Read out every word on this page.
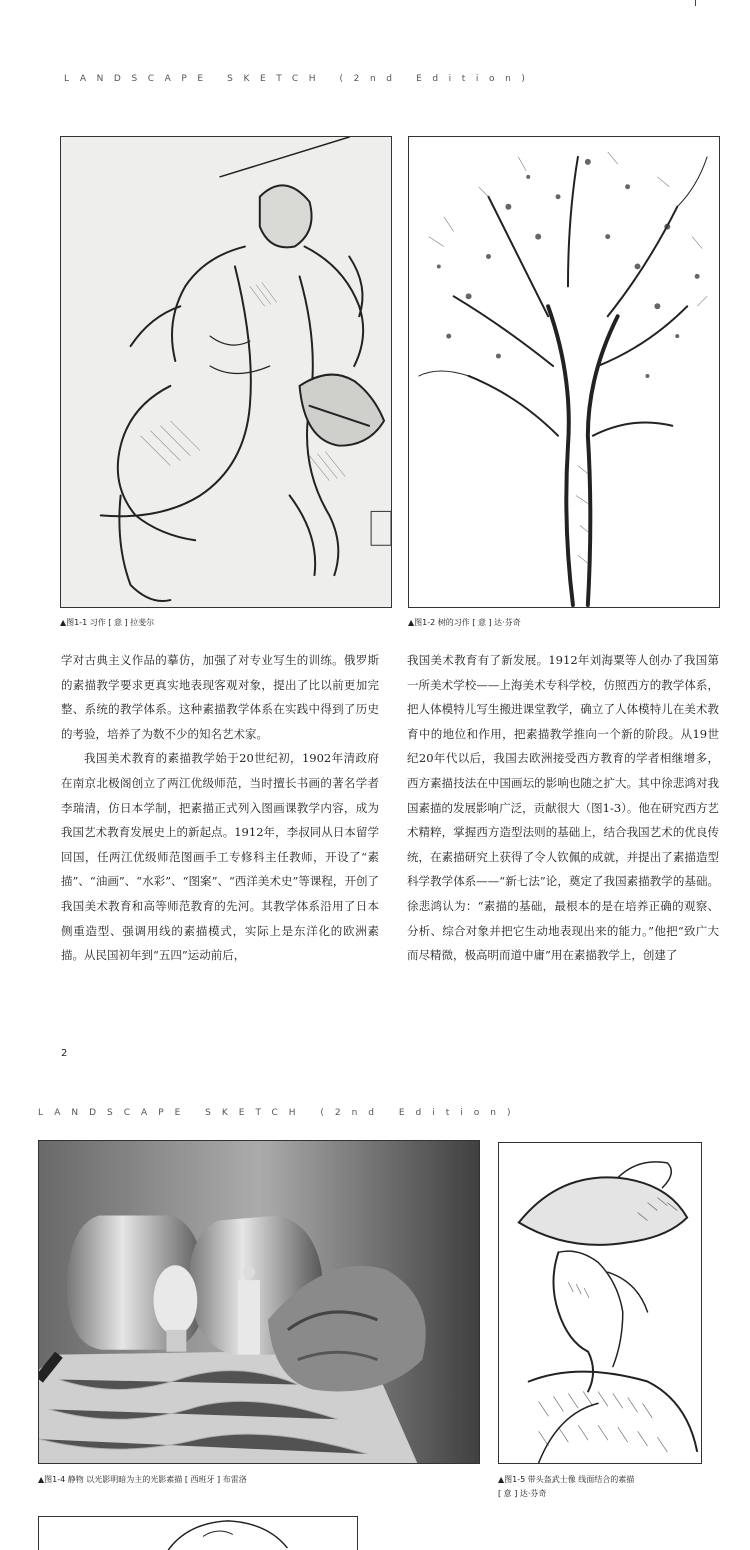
LANDSCAPE SKETCH (2nd Edition)
▲图1-1 习作 [ 意 ] 拉斐尔	▲图1-2 树的习作 [ 意 ] 达·芬奇

学对古典主义作品的摹仿，加强了对专业写生的训练。俄罗斯的素描教学要求更真实地表现客观对象，提出了比以前更加完整、系统的教学体系。这种素描教学体系在实践中得到了历史的考验，培养了为数不少的知名艺术家。

我国美术教育的素描教学始于20世纪初，1902年清政府在南京北极阁创立了两江优级师范，当时擅长书画的著名学者李瑞清，仿日本学制，把素描正式列入图画课教学内容，成为我国艺术教育发展史上的新起点。1912年，李叔同从日本留学回国，任两江优级师范图画手工专修科主任教师，开设了“素描”、“油画”、“水彩”、“图案”、“西洋美术史”等课程，开创了我国美术教育和高等师范教育的先河。其教学体系沿用了日本侧重造型、强调用线的素描模式，实际上是东洋化的欧洲素描。从民国初年到“五四”运动前后，

我国美术教育有了新发展。1912年刘海粟等人创办了我国第一所美术学校——上海美术专科学校，仿照西方的教学体系，把人体模特儿写生搬进课堂教学，确立了人体模特儿在美术教育中的地位和作用，把素描教学推向一个新的阶段。从19世纪20年代以后，我国去欧洲接受西方教育的学者相继增多，西方素描技法在中国画坛的影响也随之扩大。其中徐悲鸿对我国素描的发展影响广泛，贡献很大（图1-3）。他在研究西方艺术精粹，掌握西方造型法则的基础上，结合我国艺术的优良传统，在素描研究上获得了令人钦佩的成就，并提出了素描造型科学教学体系——“新七法”论，奠定了我国素描教学的基础。徐悲鸿认为：“素描的基础，最根本的是在培养正确的观察、分析、综合对象并把它生动地表现出来的能力。”他把“致广大而尽精微，极高明而道中庸”用在素描教学上，创建了

2
LANDSCAPE SKETCH (2nd Edition)
▲图1-4 静物 以光影明暗为主的光影素描 [ 西班牙 ] 布雷洛	▲图1-5 带头盔武士像 线面结合的素描
[ 意 ] 达·芬奇
